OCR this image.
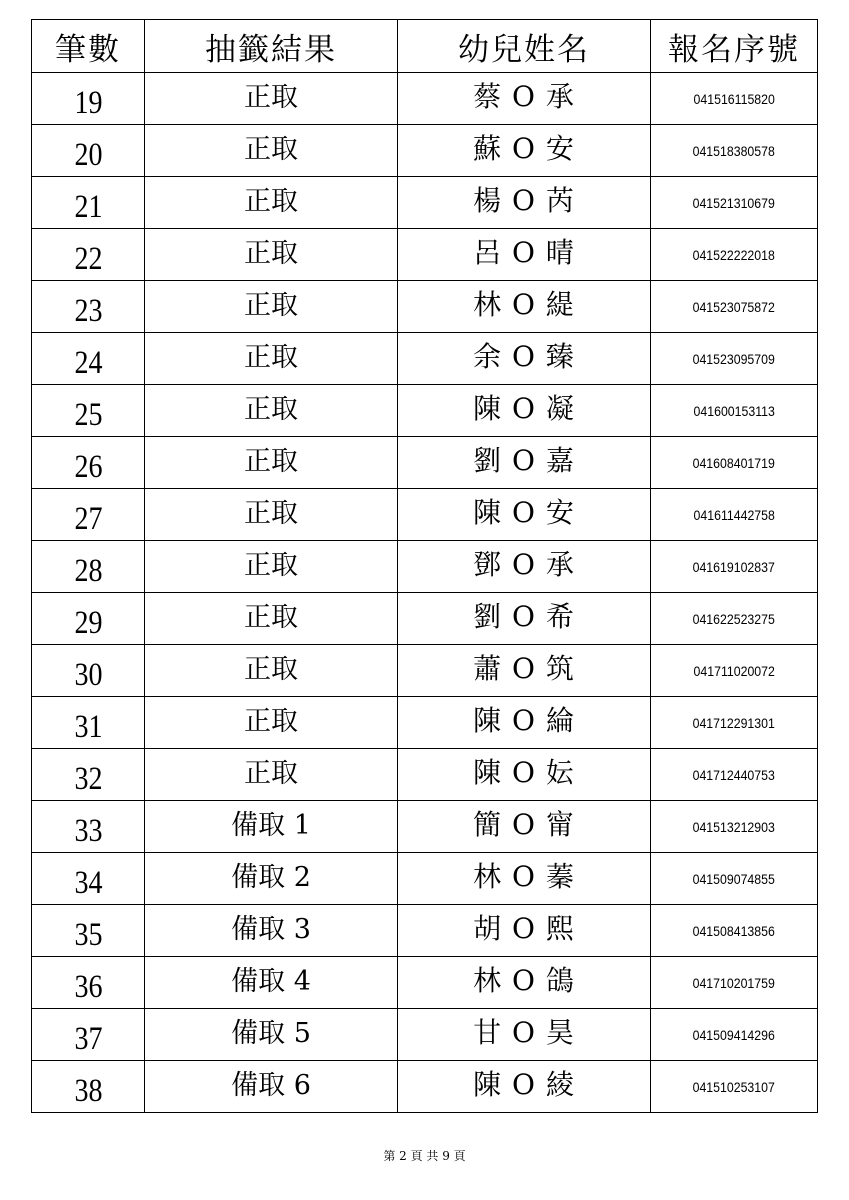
筆數	抽籤結果	幼兒姓名	報名序號
19	正取	蔡 O 承	041516115820
20	正取	蘇 O 安	041518380578
21	正取	楊 O 芮	041521310679
22	正取	呂 O 晴	041522222018
23	正取	林 O 緹	041523075872
24	正取	余 O 臻	041523095709
25	正取	陳 O 凝	041600153113
26	正取	劉 O 嘉	041608401719
27	正取	陳 O 安	041611442758
28	正取	鄧 O 承	041619102837
29	正取	劉 O 希	041622523275
30	正取	蕭 O 筑	041711020072
31	正取	陳 O 綸	041712291301
32	正取	陳 O 妘	041712440753
33	備取 1	簡 O 甯	041513212903
34	備取 2	林 O 蓁	041509074855
35	備取 3	胡 O 熙	041508413856
36	備取 4	林 O 鴿	041710201759
37	備取 5	甘 O 昊	041509414296
38	備取 6	陳 O 綾	041510253107
第 2 頁 共 9 頁
